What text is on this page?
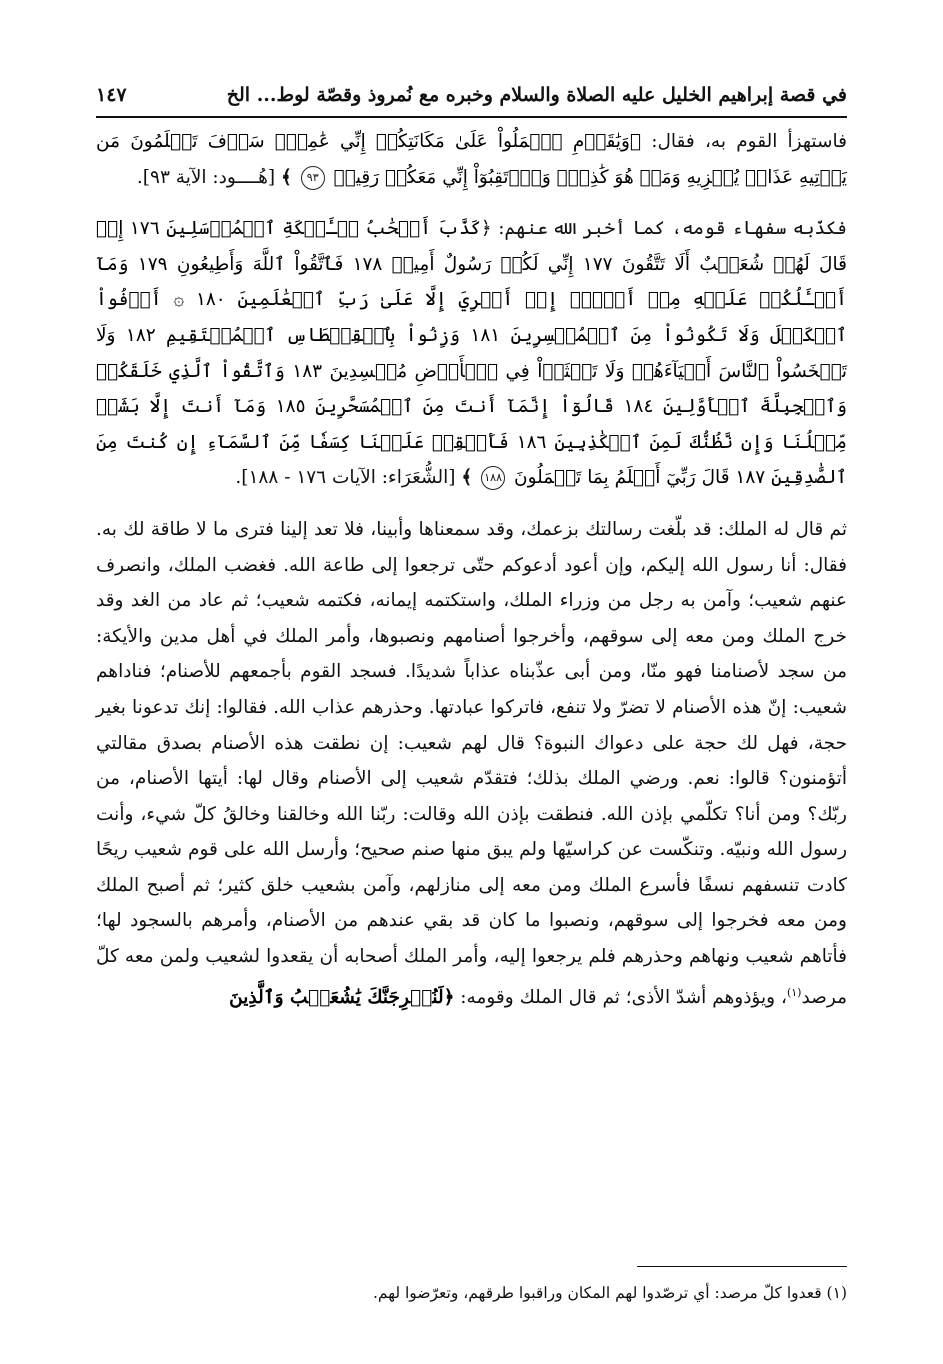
في قصة إبراهيم الخليل عليه الصلاة والسلام وخبره مع نُمروذ وقصّة لوط... الخ
١٤٧

فاستهزأ القوم به، فقال: ﴿وَيَٰقَوۡمِ ٱعۡمَلُواْ عَلَىٰ مَكَانَتِكُمۡ إِنِّي عَٰمِلٞۖ سَوۡفَ تَعۡلَمُونَ مَن يَأۡتِيهِ عَذَابٞ يُخۡزِيهِ وَمَنۡ هُوَ كَٰذِبٞۖ وَٱرۡتَقِبُوٓاْ إِنِّي مَعَكُمۡ رَقِيبٞ ٩٣ ﴾ [هُــــود: الآية ٩٣].

فكذّبه سفهاء قومه، كما أخبر الله عنهم: ﴿كَذَّبَ أَصۡحَٰبُ لۡـَٔيۡكَةِ ٱلۡمُرۡسَلِينَ ١٧٦ إِذۡ قَالَ لَهُمۡ شُعَيۡبٌ أَلَا تَتَّقُونَ ١٧٧ إِنِّي لَكُمۡ رَسُولٌ أَمِينٞ ١٧٨ فَٱتَّقُواْ ٱللَّهَ وَأَطِيعُونِ ١٧٩ وَمَآ أَسۡـَٔلُكُمۡ عَلَيۡهِ مِنۡ أَجۡرٍۖ إِنۡ أَجۡرِيَ إِلَّا عَلَىٰ رَبِّ ٱلۡعَٰلَمِينَ ١٨٠ ۞ أَوۡفُواْ ٱلۡكَيۡلَ وَلَا تَكُونُواْ مِنَ ٱلۡمُخۡسِرِينَ ١٨١ وَزِنُواْ بِٱلۡقِسۡطَاسِ ٱلۡمُسۡتَقِيمِ ١٨٢ وَلَا تَبۡخَسُواْ ٱلنَّاسَ أَشۡيَآءَهُمۡ وَلَا تَعۡثَوۡاْ فِي ٱلۡأَرۡضِ مُفۡسِدِينَ ١٨٣ وَٱتَّقُواْ ٱلَّذِي خَلَقَكُمۡ وَٱلۡجِبِلَّةَ ٱلۡأَوَّلِينَ ١٨٤ قَالُوٓاْ إِنَّمَآ أَنتَ مِنَ ٱلۡمُسَحَّرِينَ ١٨٥ وَمَآ أَنتَ إِلَّا بَشَرٞ مِّثۡلُنَا وَإِن نَّظُنُّكَ لَمِنَ ٱلۡكَٰذِبِينَ ١٨٦ فَأَسۡقِطۡ عَلَيۡنَا كِسَفٗا مِّنَ ٱلسَّمَآءِ إِن كُنتَ مِنَ ٱلصَّٰدِقِينَ ١٨٧ قَالَ رَبِّيٓ أَعۡلَمُ بِمَا تَعۡمَلُونَ ١٨٨ ﴾ [الشُّعَرَاء: الآيات ١٧٦ - ١٨٨].

ثم قال له الملك: قد بلّغت رسالتك بزعمك، وقد سمعناها وأبينا، فلا تعد إلينا فترى ما لا طاقة لك به. فقال: أنا رسول الله إليكم، وإن أعود أدعوكم حتّى ترجعوا إلى طاعة الله. فغضب الملك، وانصرف عنهم شعيب؛ وآمن به رجل من وزراء الملك، واستكتمه إيمانه، فكتمه شعيب؛ ثم عاد من الغد وقد خرج الملك ومن معه إلى سوقهم، وأخرجوا أصنامهم ونصبوها، وأمر الملك في أهل مدين والأيكة: من سجد لأصنامنا فهو منّا، ومن أبى عذّبناه عذاباً شديدًا. فسجد القوم بأجمعهم للأصنام؛ فناداهم شعيب: إنّ هذه الأصنام لا تضرّ ولا تنفع، فاتركوا عبادتها. وحذرهم عذاب الله. فقالوا: إنك تدعونا بغير حجة، فهل لك حجة على دعواك النبوة؟ قال لهم شعيب: إن نطقت هذه الأصنام بصدق مقالتي أتؤمنون؟ قالوا: نعم. ورضي الملك بذلك؛ فتقدّم شعيب إلى الأصنام وقال لها: أيتها الأصنام، من ربّك؟ ومن أنا؟ تكلّمي بإذن الله. فنطقت بإذن الله وقالت: ربّنا الله وخالقنا وخالقُ كلّ شيء، وأنت رسول الله ونبيّه. وتنكّست عن كراسيّها ولم يبق منها صنم صحيح؛ وأرسل الله على قوم شعيب ريحًا كادت تنسفهم نسفًا فأسرع الملك ومن معه إلى منازلهم، وآمن بشعيب خلق كثير؛ ثم أصبح الملك ومن معه فخرجوا إلى سوقهم، ونصبوا ما كان قد بقي عندهم من الأصنام، وأمرهم بالسجود لها؛ فأتاهم شعيب ونهاهم وحذرهم فلم يرجعوا إليه، وأمر الملك أصحابه أن يقعدوا لشعيب ولمن معه كلّ مرصد$^{(١)}$، ويؤذوهم أشدّ الأذى؛ ثم قال الملك وقومه: ﴿لَنُخۡرِجَنَّكَ يَٰشُعَيۡبُ وَٱلَّذِينَ

(١) قعدوا كلّ مرصد: أي ترصّدوا لهم المكان وراقبوا طرقهم، وتعرّضوا لهم.
